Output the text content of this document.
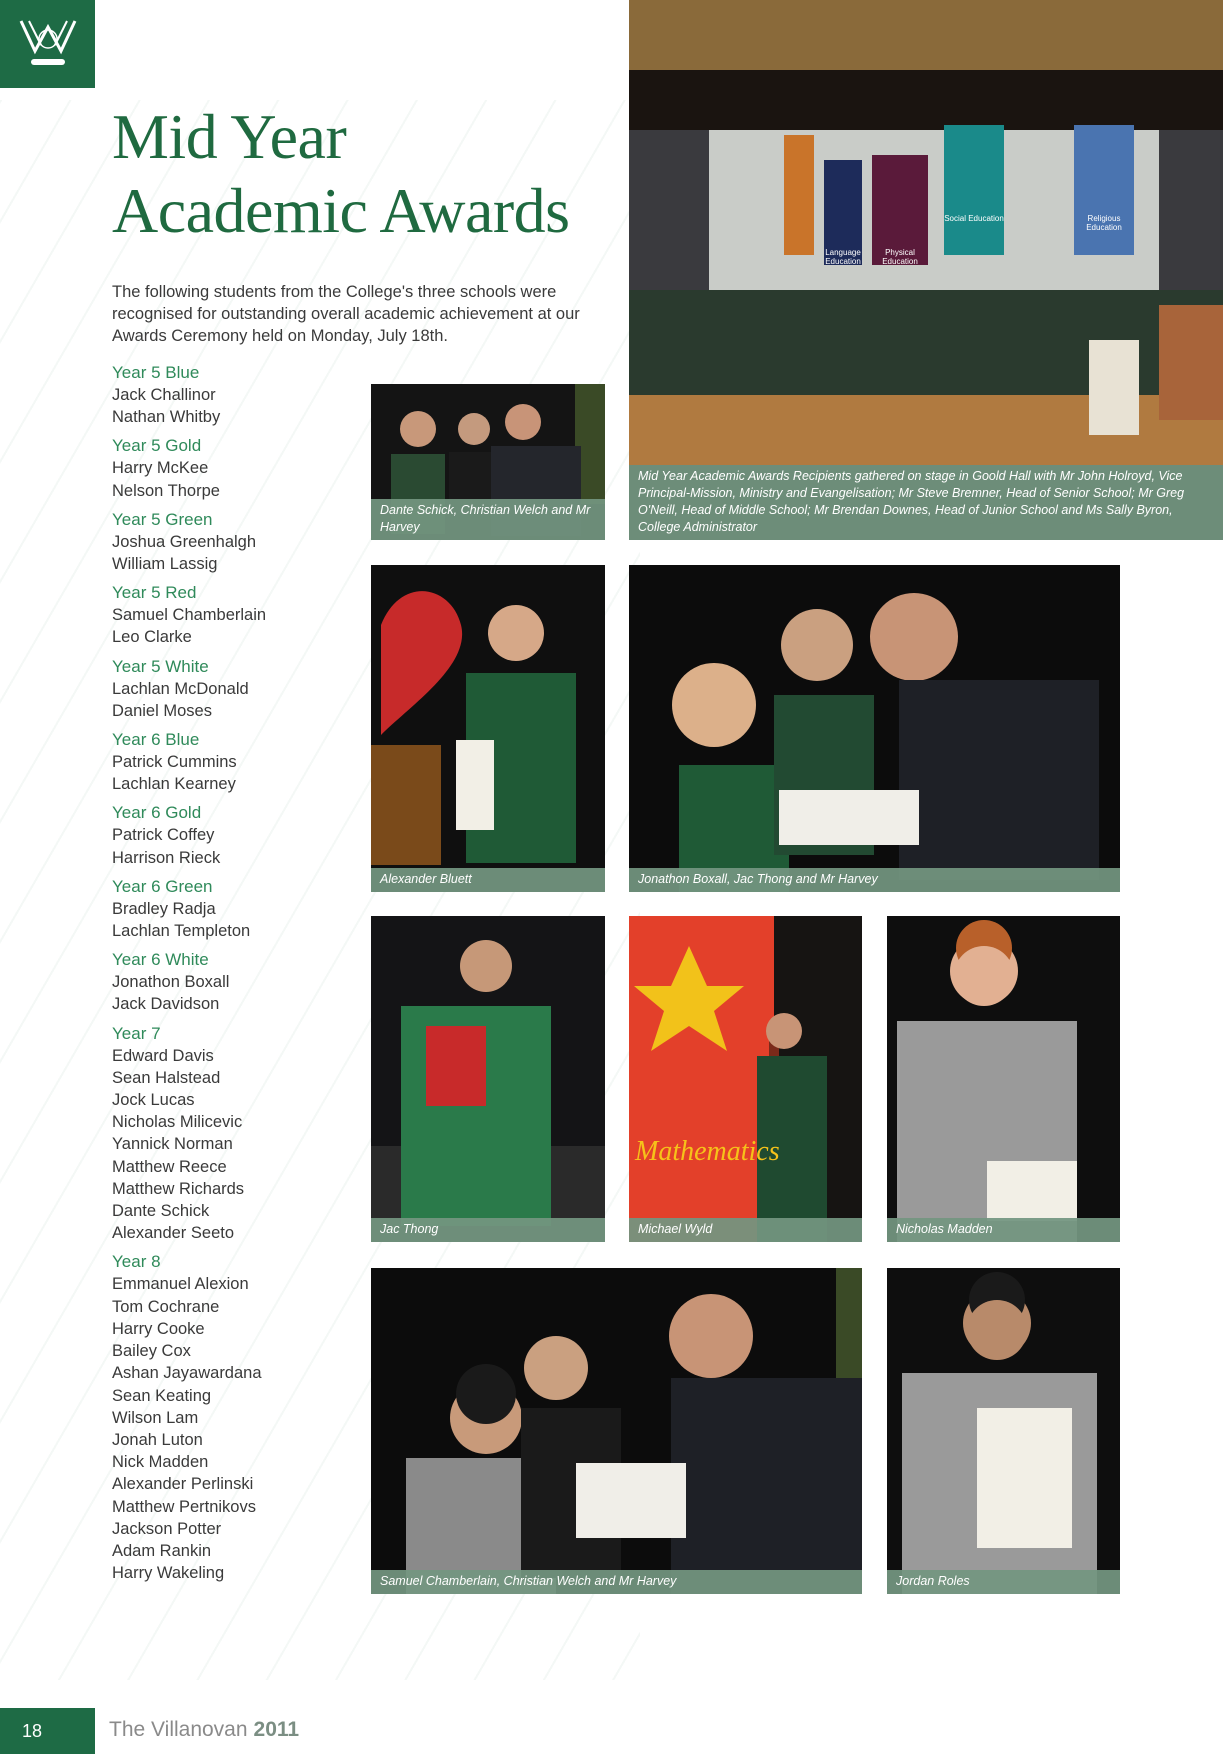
Mid Year
Academic Awards

The following students from the College's three schools were recognised for outstanding overall academic achievement at our Awards Ceremony held on Monday, July 18th.

Year 5 Blue
Jack Challinor
Nathan Whitby
Year 5 Gold
Harry McKee
Nelson Thorpe
Year 5 Green
Joshua Greenhalgh
William Lassig
Year 5 Red
Samuel Chamberlain
Leo Clarke
Year 5 White
Lachlan McDonald
Daniel Moses
Year 6 Blue
Patrick Cummins
Lachlan Kearney
Year 6 Gold
Patrick Coffey
Harrison Rieck
Year 6 Green
Bradley Radja
Lachlan Templeton
Year 6 White
Jonathon Boxall
Jack Davidson
Year 7
Edward Davis
Sean Halstead
Jock Lucas
Nicholas Milicevic
Yannick Norman
Matthew Reece
Matthew Richards
Dante Schick
Alexander Seeto
Year 8
Emmanuel Alexion
Tom Cochrane
Harry Cooke
Bailey Cox
Ashan Jayawardana
Sean Keating
Wilson Lam
Jonah Luton
Nick Madden
Alexander Perlinski
Matthew Pertnikovs
Jackson Potter
Adam Rankin
Harry Wakeling
Language Education
Physical Education
Social Education	Religious Education
Mid Year Academic Awards Recipients gathered on stage in Goold Hall with Mr John Holroyd, Vice Principal-Mission, Ministry and Evangelisation; Mr Steve Bremner, Head of Senior School; Mr Greg O'Neill, Head of Middle School; Mr Brendan Downes, Head of Junior School and Ms Sally Byron, College Administrator
Dante Schick, Christian Welch and Mr Harvey
Alexander Bluett	Jonathon Boxall, Jac Thong and Mr Harvey
Jac Thong
Mathematics
Michael Wyld	Nicholas Madden
Samuel Chamberlain, Christian Welch and Mr Harvey	Jordan Roles
18	The Villanovan 2011
